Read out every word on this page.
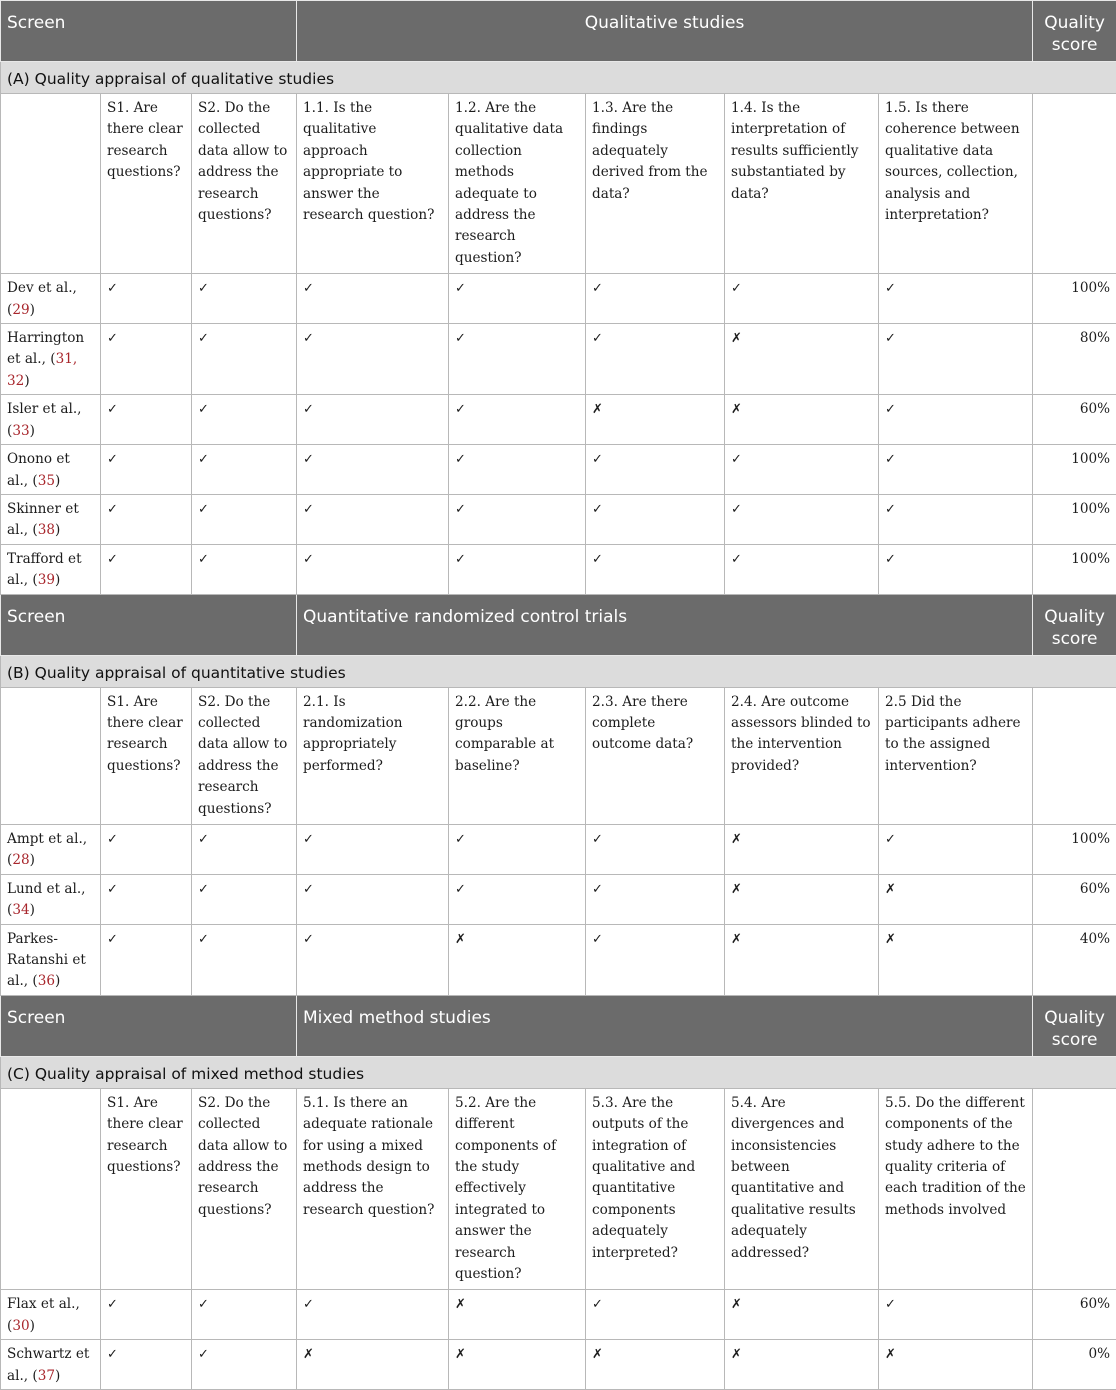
Screen			Qualitative studies					Quality score
(A) Quality appraisal of qualitative studies								
	S1. Are there clear research questions?	S2. Do the collected data allow to address the research questions?	1.1. Is the qualitative approach appropriate to answer the research question?	1.2. Are the qualitative data collection methods adequate to address the research question?	1.3. Are the findings adequately derived from the data?	1.4. Is the interpretation of results sufficiently substantiated by data?	1.5. Is there coherence between qualitative data sources, collection, analysis and interpretation?	
Dev et al., (29)	✓	✓	✓	✓	✓	✓	✓	100%
Harrington et al., (31, 32)	✓	✓	✓	✓	✓	✗	✓	80%
Isler et al., (33)	✓	✓	✓	✓	✗	✗	✓	60%
Onono et al., (35)	✓	✓	✓	✓	✓	✓	✓	100%
Skinner et al., (38)	✓	✓	✓	✓	✓	✓	✓	100%
Trafford et al., (39)	✓	✓	✓	✓	✓	✓	✓	100%
Screen			Quantitative randomized control trials					Quality score
(B) Quality appraisal of quantitative studies								
	S1. Are there clear research questions?	S2. Do the collected data allow to address the research questions?	2.1. Is randomization appropriately performed?	2.2. Are the groups comparable at baseline?	2.3. Are there complete outcome data?	2.4. Are outcome assessors blinded to the intervention provided?	2.5 Did the participants adhere to the assigned intervention?	
Ampt et al., (28)	✓	✓	✓	✓	✓	✗	✓	100%
Lund et al., (34)	✓	✓	✓	✓	✓	✗	✗	60%
Parkes-Ratanshi et al., (36)	✓	✓	✓	✗	✓	✗	✗	40%
Screen			Mixed method studies					Quality score
(C) Quality appraisal of mixed method studies								
	S1. Are there clear research questions?	S2. Do the collected data allow to address the research questions?	5.1. Is there an adequate rationale for using a mixed methods design to address the research question?	5.2. Are the different components of the study effectively integrated to answer the research question?	5.3. Are the outputs of the integration of qualitative and quantitative components adequately interpreted?	5.4. Are divergences and inconsistencies between quantitative and qualitative results adequately addressed?	5.5. Do the different components of the study adhere to the quality criteria of each tradition of the methods involved	
Flax et al., (30)	✓	✓	✓	✗	✓	✗	✓	60%
Schwartz et al., (37)	✓	✓	✗	✗	✗	✗	✗	0%
